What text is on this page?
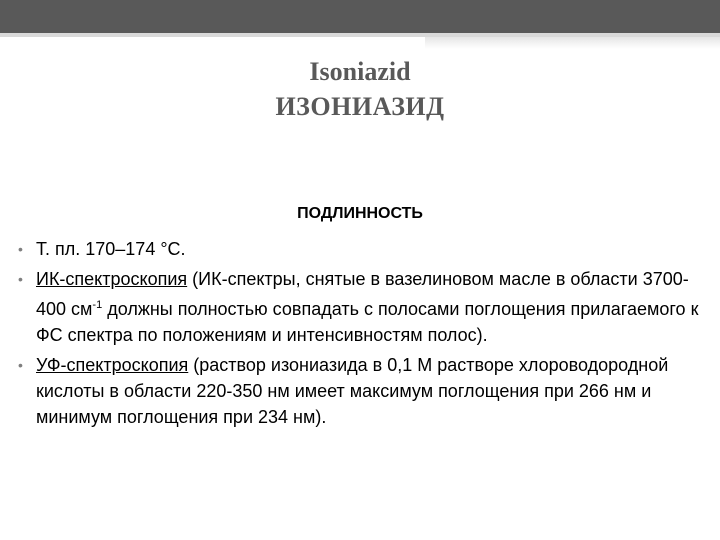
Isoniazid
ИЗОНИАЗИД
ПОДЛИННОСТЬ
• Т. пл. 170–174 °С.
• ИК-спектроскопия (ИК-спектры, снятые в вазелиновом масле в области 3700-400 $см^{-1}$ должны полностью совпадать с полосами поглощения прилагаемого к ФС спектра по положениям и интенсивностям полос).
• УФ-спектроскопия (раствор изониазида в 0,1 М растворе хлороводородной кислоты в области 220-350 нм имеет максимум поглощения при 266 нм и минимум поглощения при 234 нм).
